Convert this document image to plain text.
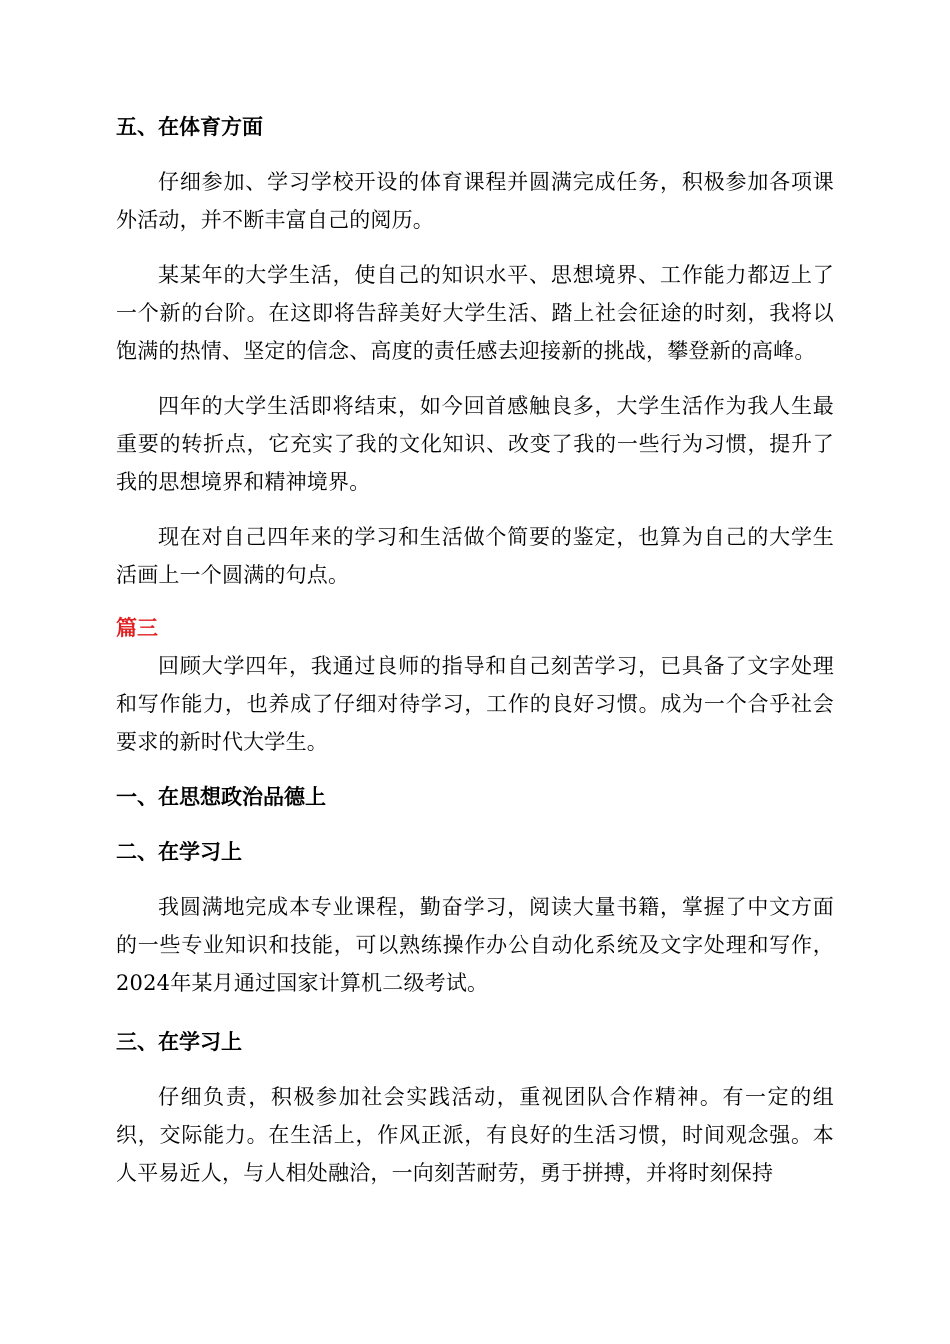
五、在体育方面

仔细参加、学习学校开设的体育课程并圆满完成任务，积极参加各项课外活动，并不断丰富自己的阅历。

某某年的大学生活，使自己的知识水平、思想境界、工作能力都迈上了一个新的台阶。在这即将告辞美好大学生活、踏上社会征途的时刻，我将以饱满的热情、坚定的信念、高度的责任感去迎接新的挑战，攀登新的高峰。

四年的大学生活即将结束，如今回首感触良多，大学生活作为我人生最重要的转折点，它充实了我的文化知识、改变了我的一些行为习惯，提升了我的思想境界和精神境界。

现在对自己四年来的学习和生活做个简要的鉴定，也算为自己的大学生活画上一个圆满的句点。

篇三

回顾大学四年，我通过良师的指导和自己刻苦学习，已具备了文字处理和写作能力，也养成了仔细对待学习，工作的良好习惯。成为一个合乎社会要求的新时代大学生。

一、在思想政治品德上
二、在学习上

我圆满地完成本专业课程，勤奋学习，阅读大量书籍，掌握了中文方面的一些专业知识和技能，可以熟练操作办公自动化系统及文字处理和写作，2024年某月通过国家计算机二级考试。

三、在学习上

仔细负责，积极参加社会实践活动，重视团队合作精神。有一定的组织，交际能力。在生活上，作风正派，有良好的生活习惯，时间观念强。本人平易近人，与人相处融洽，一向刻苦耐劳，勇于拼搏，并将时刻保持
